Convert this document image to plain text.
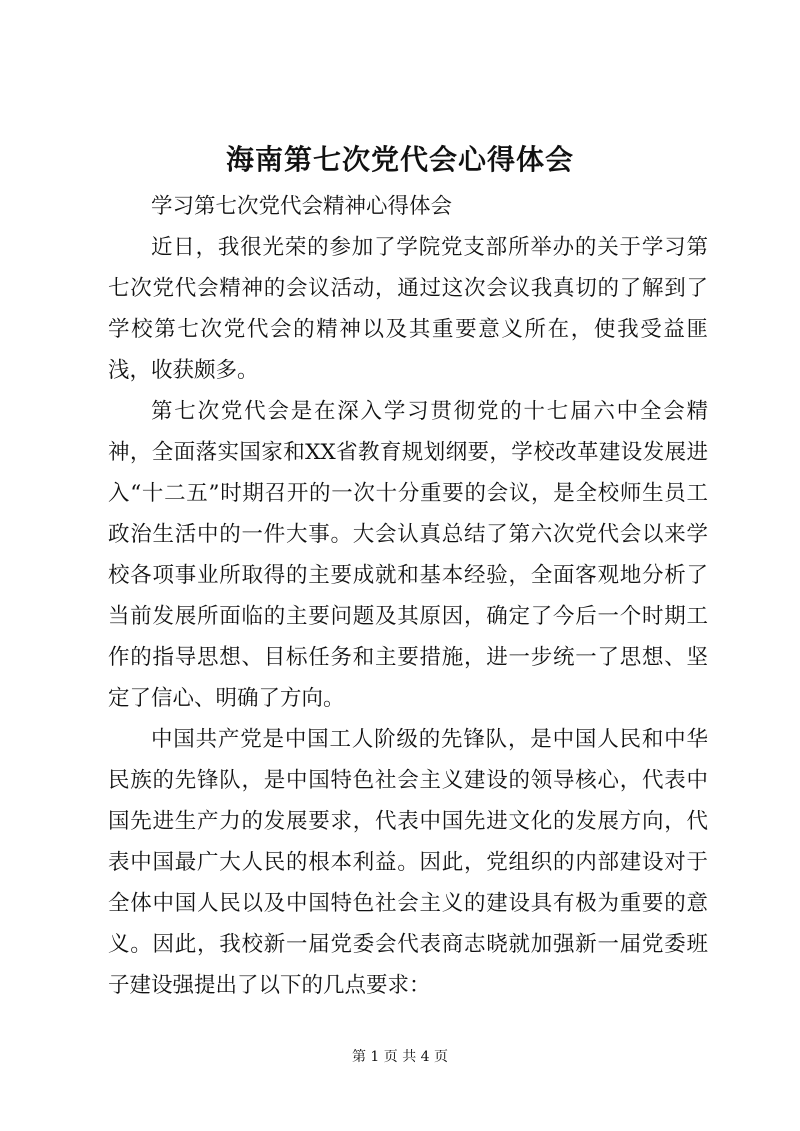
海南第七次党代会心得体会

学习第七次党代会精神心得体会

近日，我很光荣的参加了学院党支部所举办的关于学习第七次党代会精神的会议活动，通过这次会议我真切的了解到了学校第七次党代会的精神以及其重要意义所在，使我受益匪浅，收获颇多。

第七次党代会是在深入学习贯彻党的十七届六中全会精神，全面落实国家和XX省教育规划纲要，学校改革建设发展进入“十二五”时期召开的一次十分重要的会议，是全校师生员工政治生活中的一件大事。大会认真总结了第六次党代会以来学校各项事业所取得的主要成就和基本经验，全面客观地分析了当前发展所面临的主要问题及其原因，确定了今后一个时期工作的指导思想、目标任务和主要措施，进一步统一了思想、坚定了信心、明确了方向。

中国共产党是中国工人阶级的先锋队，是中国人民和中华民族的先锋队，是中国特色社会主义建设的领导核心，代表中国先进生产力的发展要求，代表中国先进文化的发展方向，代表中国最广大人民的根本利益。因此，党组织的内部建设对于全体中国人民以及中国特色社会主义的建设具有极为重要的意义。因此，我校新一届党委会代表商志晓就加强新一届党委班子建设强提出了以下的几点要求：

第 1 页 共 4 页
